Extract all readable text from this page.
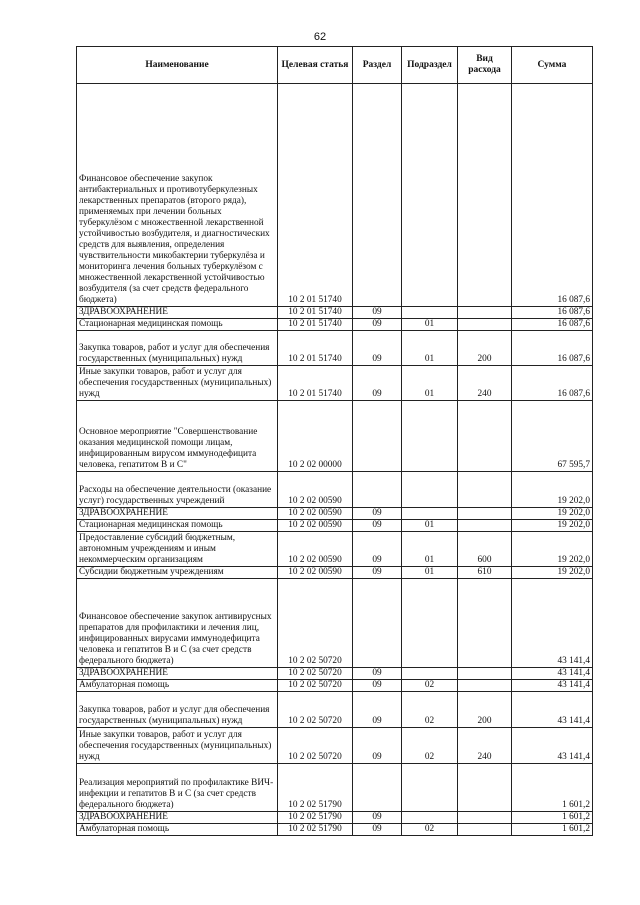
62
Наименование	Целевая статья	Раздел	Подраздел	Вид расхода	Сумма
Финансовое обеспечение закупок антибактериальных и противотуберкулезных лекарственных препаратов (второго ряда), применяемых при лечении больных туберкулёзом с множественной лекарственной устойчивостью возбудителя, и диагностических средств для выявления, определения чувствительности микобактерии туберкулёза и мониторинга лечения больных туберкулёзом с множественной лекарственной устойчивостью возбудителя (за счет средств федерального бюджета)	10 2 01 51740				16 087,6
ЗДРАВООХРАНЕНИЕ	10 2 01 51740	09			16 087,6
Стационарная медицинская помощь	10 2 01 51740	09	01		16 087,6
Закупка товаров, работ и услуг для обеспечения государственных (муниципальных) нужд	10 2 01 51740	09	01	200	16 087,6
Иные закупки товаров, работ и услуг для обеспечения государственных (муниципальных) нужд	10 2 01 51740	09	01	240	16 087,6
Основное мероприятие "Совершенствование оказания медицинской помощи лицам, инфицированным вирусом иммунодефицита человека, гепатитом В и С"	10 2 02 00000				67 595,7
Расходы на обеспечение деятельности (оказание услуг) государственных учреждений	10 2 02 00590				19 202,0
ЗДРАВООХРАНЕНИЕ	10 2 02 00590	09			19 202,0
Стационарная медицинская помощь	10 2 02 00590	09	01		19 202,0
Предоставление субсидий бюджетным, автономным учреждениям и иным некоммерческим организациям	10 2 02 00590	09	01	600	19 202,0
Субсидии бюджетным учреждениям	10 2 02 00590	09	01	610	19 202,0
Финансовое обеспечение закупок антивирусных препаратов для профилактики и лечения лиц, инфицированных вирусами иммунодефицита человека и гепатитов В и С (за счет средств федерального бюджета)	10 2 02 50720				43 141,4
ЗДРАВООХРАНЕНИЕ	10 2 02 50720	09			43 141,4
Амбулаторная помощь	10 2 02 50720	09	02		43 141,4
Закупка товаров, работ и услуг для обеспечения государственных (муниципальных) нужд	10 2 02 50720	09	02	200	43 141,4
Иные закупки товаров, работ и услуг для обеспечения государственных (муниципальных) нужд	10 2 02 50720	09	02	240	43 141,4
Реализация мероприятий по профилактике ВИЧ-инфекции и гепатитов В и С (за счет средств федерального бюджета)	10 2 02 51790				1 601,2
ЗДРАВООХРАНЕНИЕ	10 2 02 51790	09			1 601,2
Амбулаторная помощь	10 2 02 51790	09	02		1 601,2
